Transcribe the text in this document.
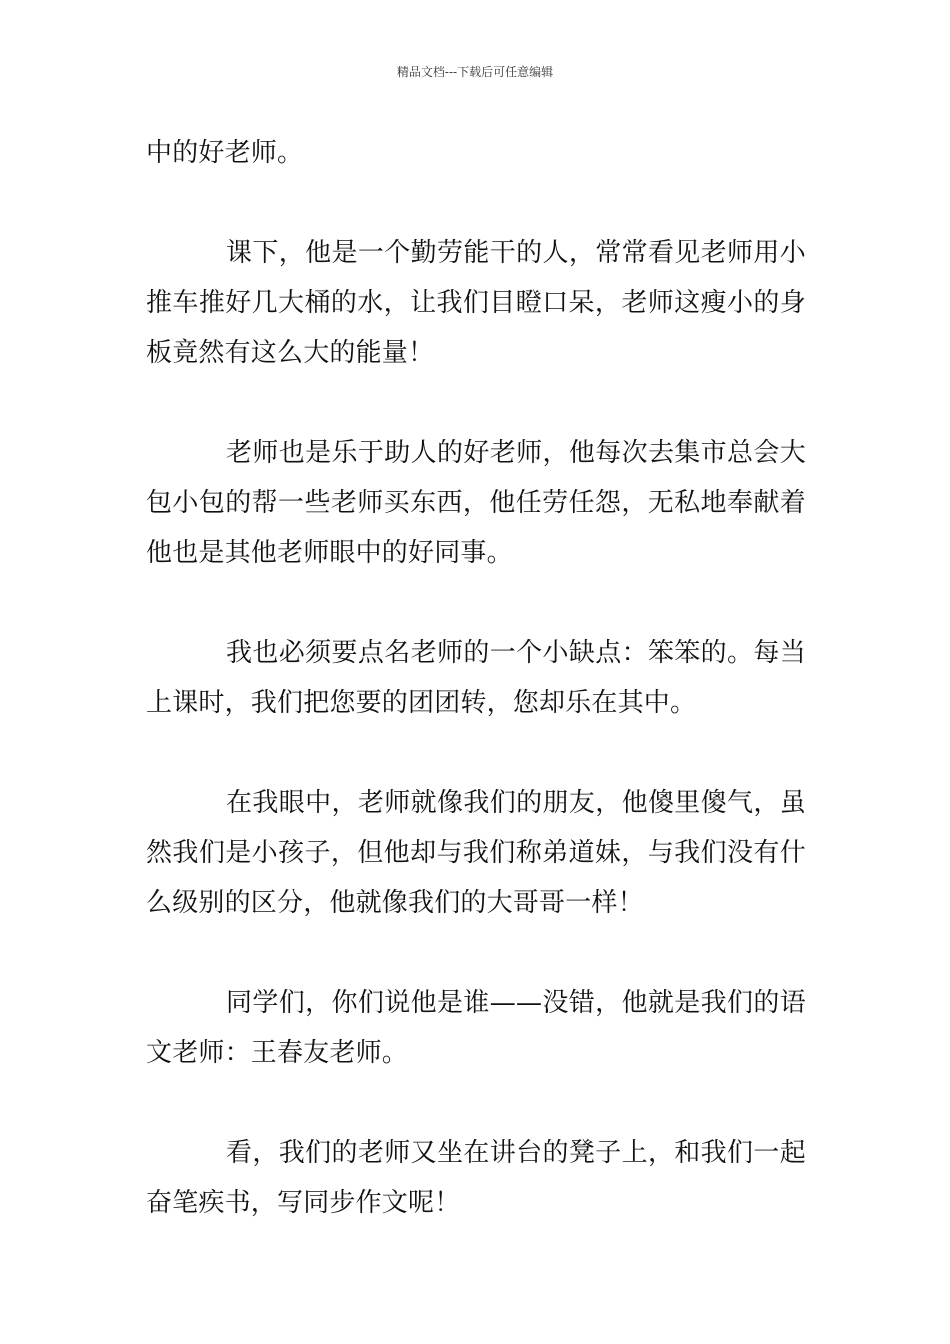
精品文档---下载后可任意编辑

中的好老师。

课下，他是一个勤劳能干的人，常常看见老师用小推车推好几大桶的水，让我们目瞪口呆，老师这瘦小的身板竟然有这么大的能量！

老师也是乐于助人的好老师，他每次去集市总会大包小包的帮一些老师买东西，他任劳任怨，无私地奉献着他也是其他老师眼中的好同事。

我也必须要点名老师的一个小缺点：笨笨的。每当上课时，我们把您要的团团转，您却乐在其中。

在我眼中，老师就像我们的朋友，他傻里傻气，虽然我们是小孩子，但他却与我们称弟道妹，与我们没有什么级别的区分，他就像我们的大哥哥一样！

同学们，你们说他是谁——没错，他就是我们的语文老师：王春友老师。

看，我们的老师又坐在讲台的凳子上，和我们一起奋笔疾书，写同步作文呢！
